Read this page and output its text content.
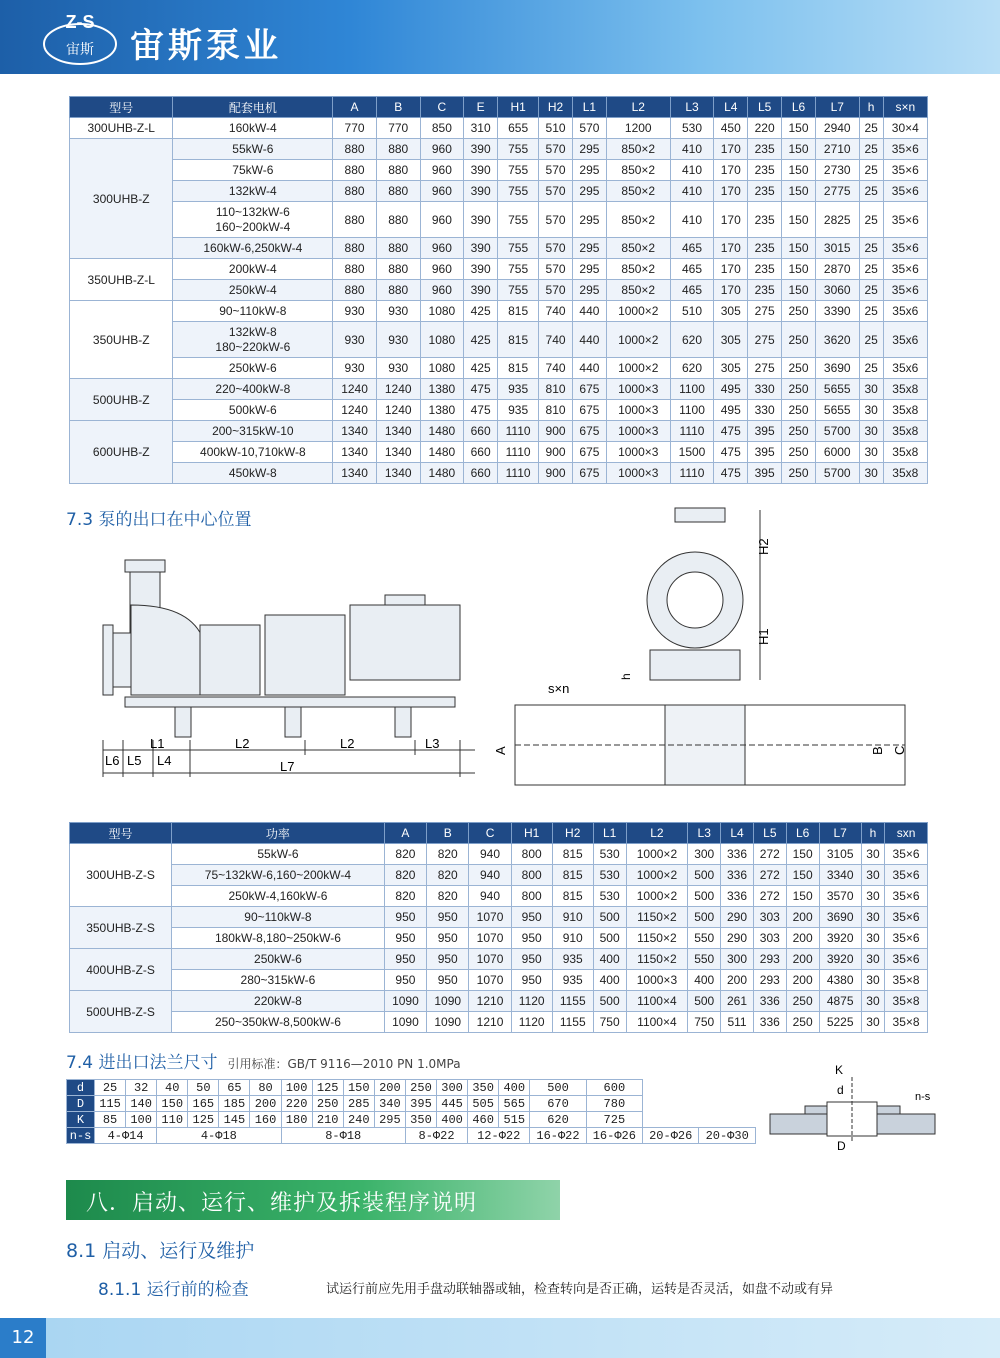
Z-S
宙斯 宙斯泵业
型号	配套电机	A	B	C	E	H1	H2	L1	L2	L3	L4	L5	L6	L7	h	s×n
300UHB-Z-L	160kW-4	770	770	850	310	655	510	570	1200	530	450	220	150	2940	25	30×4
300UHB-Z	55kW-6	880	880	960	390	755	570	295	850×2	410	170	235	150	2710	25	35×6
	75kW-6	880	880	960	390	755	570	295	850×2	410	170	235	150	2730	25	35×6
	132kW-4	880	880	960	390	755	570	295	850×2	410	170	235	150	2775	25	35×6
	110~132kW-6
160~200kW-4	880	880	960	390	755	570	295	850×2	410	170	235	150	2825	25	35×6
	160kW-6,250kW-4	880	880	960	390	755	570	295	850×2	465	170	235	150	3015	25	35×6
350UHB-Z-L	200kW-4	880	880	960	390	755	570	295	850×2	465	170	235	150	2870	25	35×6
	250kW-4	880	880	960	390	755	570	295	850×2	465	170	235	150	3060	25	35×6
350UHB-Z	90~110kW-8	930	930	1080	425	815	740	440	1000×2	510	305	275	250	3390	25	35x6
	132kW-8
180~220kW-6	930	930	1080	425	815	740	440	1000×2	620	305	275	250	3620	25	35x6
	250kW-6	930	930	1080	425	815	740	440	1000×2	620	305	275	250	3690	25	35x6
500UHB-Z	220~400kW-8	1240	1240	1380	475	935	810	675	1000×3	1100	495	330	250	5655	30	35x8
	500kW-6	1240	1240	1380	475	935	810	675	1000×3	1100	495	330	250	5655	30	35x8
600UHB-Z	200~315kW-10	1340	1340	1480	660	1110	900	675	1000×3	1110	475	395	250	5700	30	35x8
	400kW-10,710kW-8	1340	1340	1480	660	1110	900	675	1000×3	1500	475	395	250	6000	30	35x8
	450kW-8	1340	1340	1480	660	1110	900	675	1000×3	1110	475	395	250	5700	30	35x8
7.3 泵的出口在中心位置
L1	L2	L2	L3
L4
L5
L6	L7
H2
H1
h
s×n
A	B C
型号	功率	A	B	C	H1	H2	L1	L2	L3	L4	L5	L6	L7	h	sxn
300UHB-Z-S	55kW-6	820	820	940	800	815	530	1000×2	300	336	272	150	3105	30	35×6
	75~132kW-6,160~200kW-4	820	820	940	800	815	530	1000×2	500	336	272	150	3340	30	35×6
	250kW-4,160kW-6	820	820	940	800	815	530	1000×2	500	336	272	150	3570	30	35×6
350UHB-Z-S	90~110kW-8	950	950	1070	950	910	500	1150×2	500	290	303	200	3690	30	35×6
	180kW-8,180~250kW-6	950	950	1070	950	910	500	1150×2	550	290	303	200	3920	30	35×6
400UHB-Z-S	250kW-6	950	950	1070	950	935	400	1150×2	550	300	293	200	3920	30	35×6
	280~315kW-6	950	950	1070	950	935	400	1000×3	400	200	293	200	4380	30	35×8
500UHB-Z-S	220kW-8	1090	1090	1210	1120	1155	500	1100×4	500	261	336	250	4875	30	35×8
	250~350kW-8,500kW-6	1090	1090	1210	1120	1155	750	1100×4	750	511	336	250	5225	30	35×8
7.4 进出口法兰尺寸 引用标准：GB/T 9116—2010 PN 1.0MPa
d	25	32	40	50	65	80	100	125	150	200	250	300	350	400	500	600		
D	115	140	150	165	185	200	220	250	285	340	395	445	505	565	670	780		
K	85	100	110	125	145	160	180	210	240	295	350	400	460	515	620	725		
n-s	4-Φ14		4-Φ18				8-Φ18				8-Φ22		12-Φ22		16-Φ22	16-Φ26	20-Φ26	20-Φ30
K
d
D
n-s
八．启动、运行、维护及拆装程序说明
8.1 启动、运行及维护
8.1.1 运行前的检查	试运行前应先用手盘动联轴器或轴，检查转向是否正确，运转是否灵活，如盘不动或有异
12
